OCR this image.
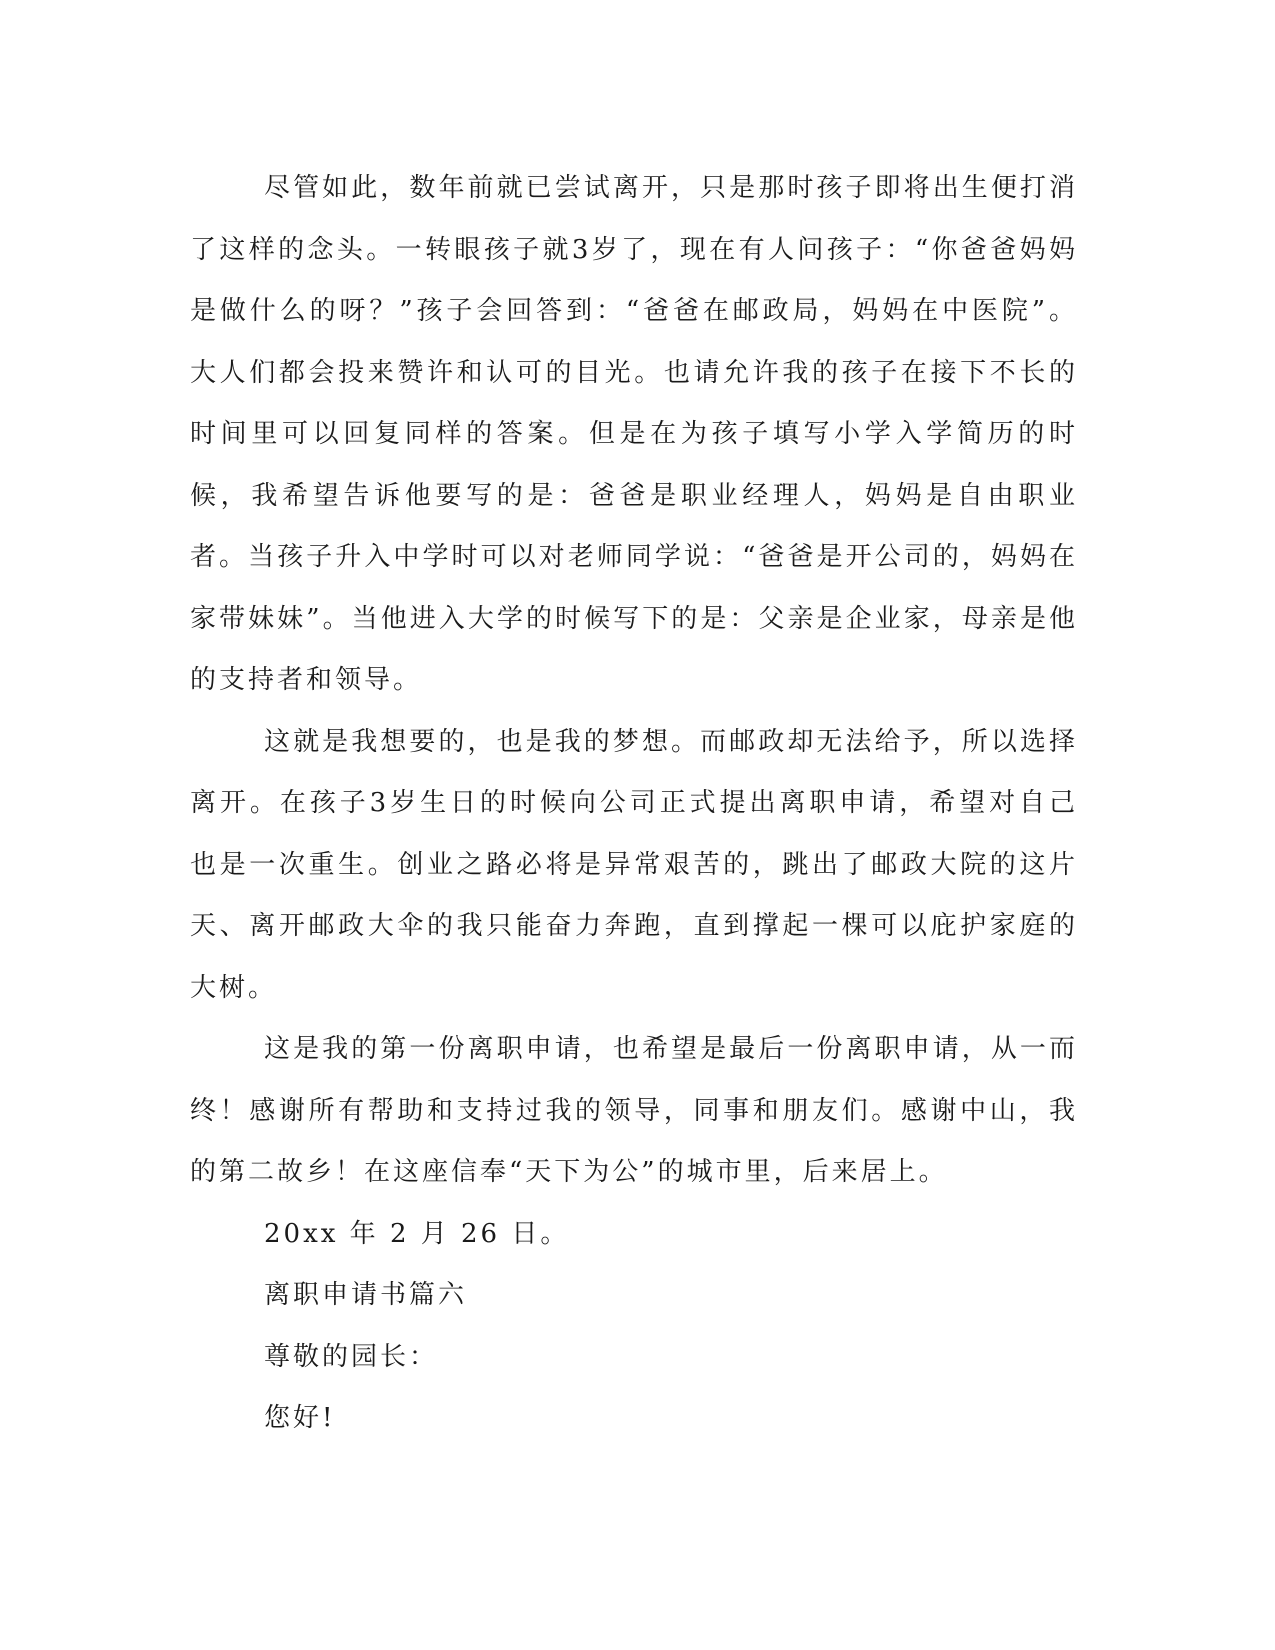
尽管如此，数年前就已尝试离开，只是那时孩子即将出生便打消了这样的念头。一转眼孩子就3岁了，现在有人问孩子：“你爸爸妈妈是做什么的呀？”孩子会回答到：“爸爸在邮政局，妈妈在中医院”。大人们都会投来赞许和认可的目光。也请允许我的孩子在接下不长的时间里可以回复同样的答案。但是在为孩子填写小学入学简历的时候，我希望告诉他要写的是：爸爸是职业经理人，妈妈是自由职业者。当孩子升入中学时可以对老师同学说：“爸爸是开公司的，妈妈在家带妹妹”。当他进入大学的时候写下的是：父亲是企业家，母亲是他的支持者和领导。

这就是我想要的，也是我的梦想。而邮政却无法给予，所以选择离开。在孩子3岁生日的时候向公司正式提出离职申请，希望对自己也是一次重生。创业之路必将是异常艰苦的，跳出了邮政大院的这片天、离开邮政大伞的我只能奋力奔跑，直到撑起一棵可以庇护家庭的大树。

这是我的第一份离职申请，也希望是最后一份离职申请，从一而终！感谢所有帮助和支持过我的领导，同事和朋友们。感谢中山，我的第二故乡！在这座信奉“天下为公”的城市里，后来居上。

20xx 年 2 月 26 日。

离职申请书篇六

尊敬的园长：

您好!
